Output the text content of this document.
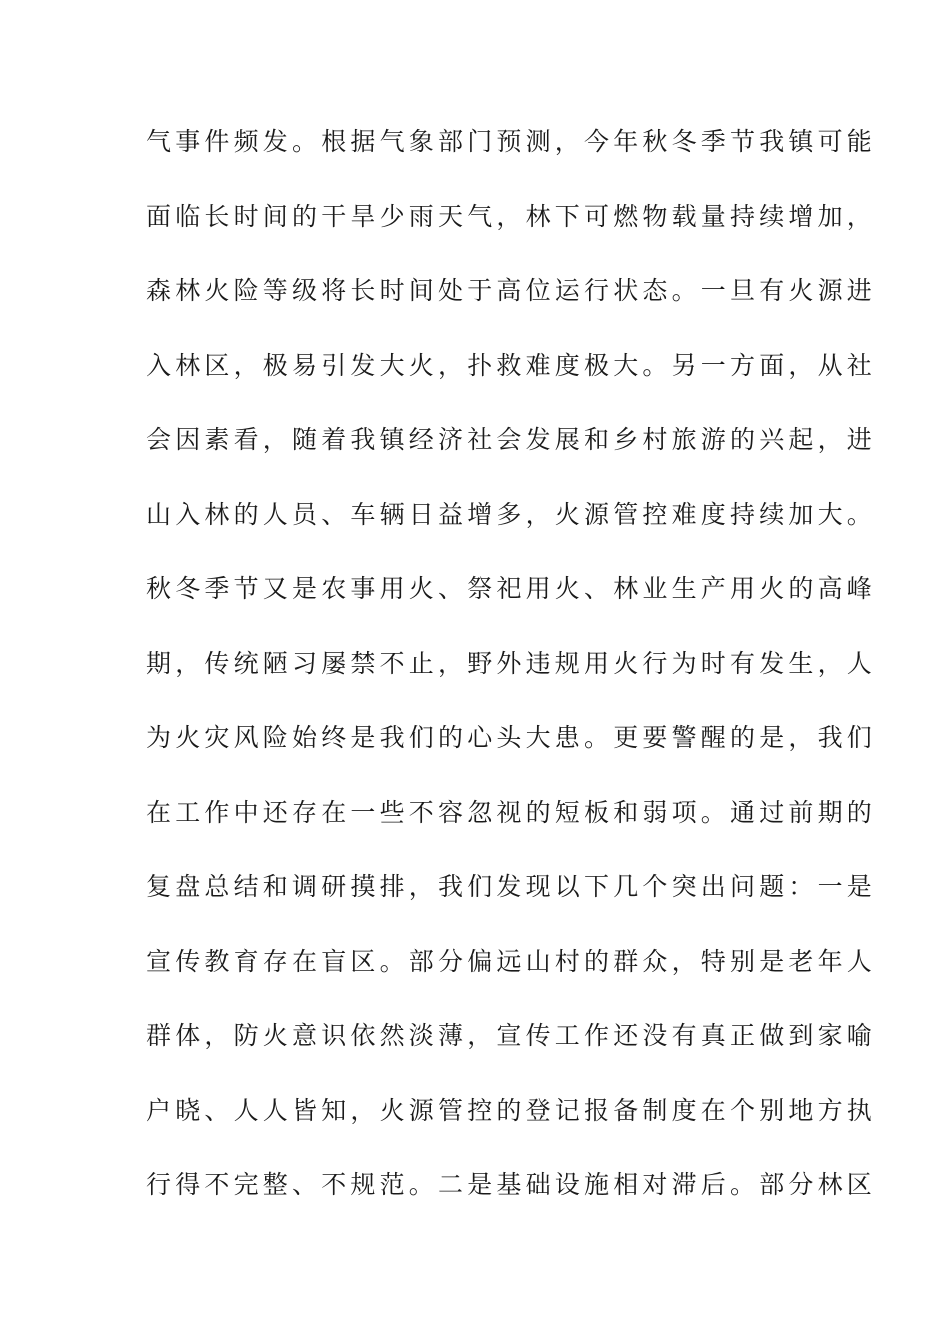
气事件频发。根据气象部门预测，今年秋冬季节我镇可能
面临长时间的干旱少雨天气，林下可燃物载量持续增加，
森林火险等级将长时间处于高位运行状态。一旦有火源进
入林区，极易引发大火，扑救难度极大。另一方面，从社
会因素看，随着我镇经济社会发展和乡村旅游的兴起，进
山入林的人员、车辆日益增多，火源管控难度持续加大。
秋冬季节又是农事用火、祭祀用火、林业生产用火的高峰
期，传统陋习屡禁不止，野外违规用火行为时有发生，人
为火灾风险始终是我们的心头大患。更要警醒的是，我们
在工作中还存在一些不容忽视的短板和弱项。通过前期的
复盘总结和调研摸排，我们发现以下几个突出问题：一是
宣传教育存在盲区。部分偏远山村的群众，特别是老年人
群体，防火意识依然淡薄，宣传工作还没有真正做到家喻
户晓、人人皆知，火源管控的登记报备制度在个别地方执
行得不完整、不规范。二是基础设施相对滞后。部分林区
